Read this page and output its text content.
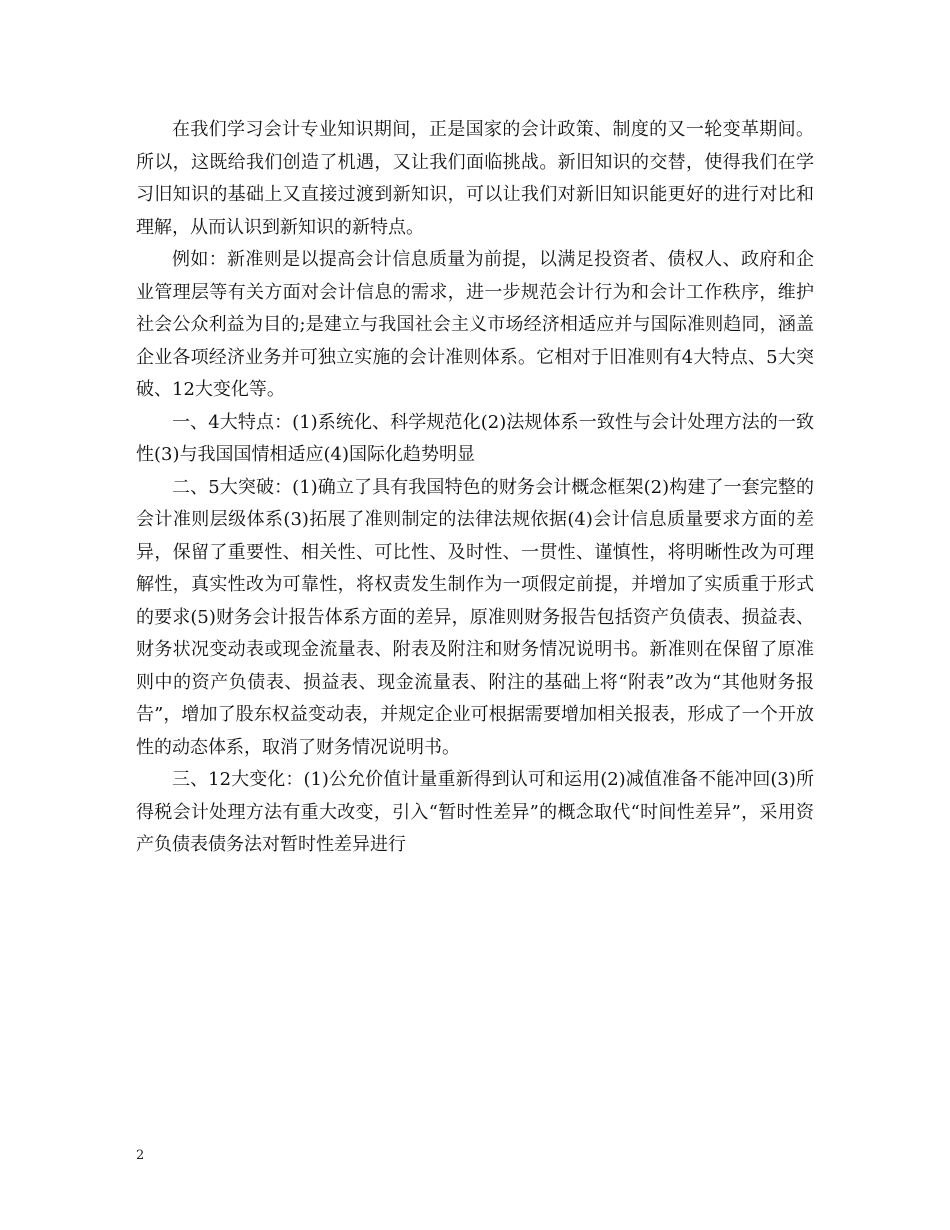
在我们学习会计专业知识期间，正是国家的会计政策、制度的又一轮变革期间。所以，这既给我们创造了机遇，又让我们面临挑战。新旧知识的交替，使得我们在学习旧知识的基础上又直接过渡到新知识，可以让我们对新旧知识能更好的进行对比和理解，从而认识到新知识的新特点。

例如：新准则是以提高会计信息质量为前提，以满足投资者、债权人、政府和企业管理层等有关方面对会计信息的需求，进一步规范会计行为和会计工作秩序，维护社会公众利益为目的;是建立与我国社会主义市场经济相适应并与国际准则趋同，涵盖企业各项经济业务并可独立实施的会计准则体系。它相对于旧准则有4大特点、5大突破、12大变化等。

一、4大特点：(1)系统化、科学规范化(2)法规体系一致性与会计处理方法的一致性(3)与我国国情相适应(4)国际化趋势明显

二、5大突破：(1)确立了具有我国特色的财务会计概念框架(2)构建了一套完整的会计准则层级体系(3)拓展了准则制定的法律法规依据(4)会计信息质量要求方面的差异，保留了重要性、相关性、可比性、及时性、一贯性、谨慎性，将明晰性改为可理解性，真实性改为可靠性，将权责发生制作为一项假定前提，并增加了实质重于形式的要求(5)财务会计报告体系方面的差异，原准则财务报告包括资产负债表、损益表、财务状况变动表或现金流量表、附表及附注和财务情况说明书。新准则在保留了原准则中的资产负债表、损益表、现金流量表、附注的基础上将“附表”改为“其他财务报告”，增加了股东权益变动表，并规定企业可根据需要增加相关报表，形成了一个开放性的动态体系，取消了财务情况说明书。

三、12大变化：(1)公允价值计量重新得到认可和运用(2)减值准备不能冲回(3)所得税会计处理方法有重大改变，引入“暂时性差异”的概念取代“时间性差异”，采用资产负债表债务法对暂时性差异进行

2
